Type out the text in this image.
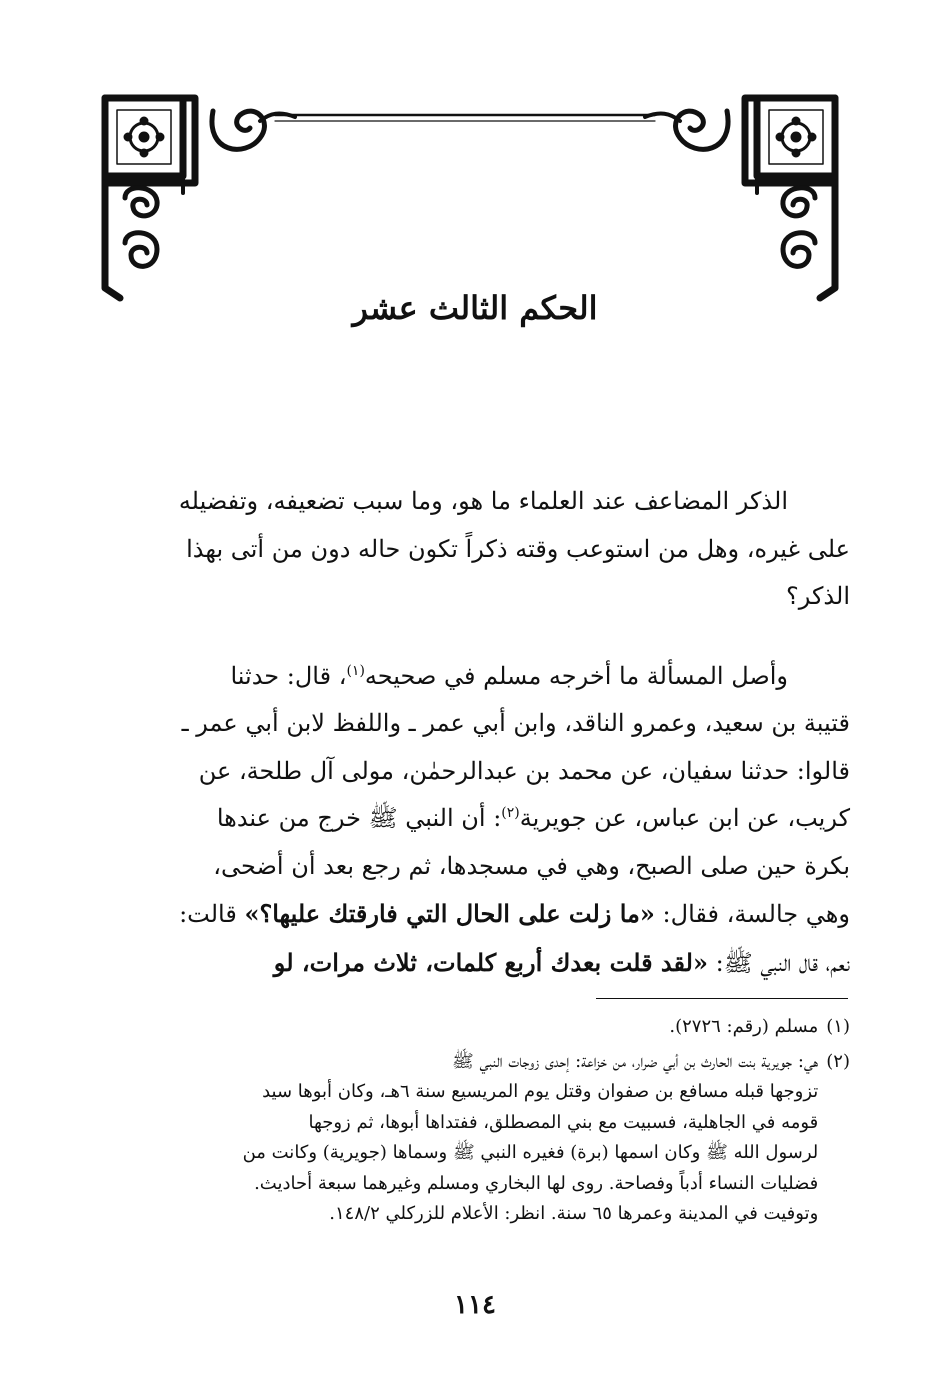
الحكم الثالث عشر

الذكر المضاعف عند العلماء ما هو، وما سبب تضعيفه، وتفضيله

على غيره، وهل من استوعب وقته ذكراً تكون حاله دون من أتى بهذا

الذكر؟

وأصل المسألة ما أخرجه مسلم في صحيحه$^{(١)}$، قال: حدثنا

قتيبة بن سعيد، وعمرو الناقد، وابن أبي عمر ـ واللفظ لابن أبي عمر ـ

قالوا: حدثنا سفيان، عن محمد بن عبدالرحمٰن، مولى آل طلحة، عن

كريب، عن ابن عباس، عن جويرية$^{(٢)}$: أن النبي ﷺ خرج من عندها

بكرة حين صلى الصبح، وهي في مسجدها، ثم رجع بعد أن أضحى،

وهي جالسة، فقال: «ما زلت على الحال التي فارقتك عليها؟» قالت:

نعم، قال النبي ﷺ: «لقد قلت بعدك أربع كلمات، ثلاث مرات، لو

(١)
مسلم (رقم: ٢٧٢٦).
(٢)
هي: جويرية بنت الحارث بن أبي ضرار، من خزاعة: إحدى زوجات النبي ﷺ
تزوجها قبله مسافع بن صفوان وقتل يوم المريسيع سنة ٦هـ، وكان أبوها سيد
قومه في الجاهلية، فسبيت مع بني المصطلق، ففتداها أبوها، ثم زوجها
لرسول الله ﷺ وكان اسمها (برة) فغيره النبي ﷺ وسماها (جويرية) وكانت من
فضليات النساء أدباً وفصاحة. روى لها البخاري ومسلم وغيرهما سبعة أحاديث.
وتوفيت في المدينة وعمرها ٦٥ سنة. انظر: الأعلام للزركلي ١٤٨/٢.
١١٤
